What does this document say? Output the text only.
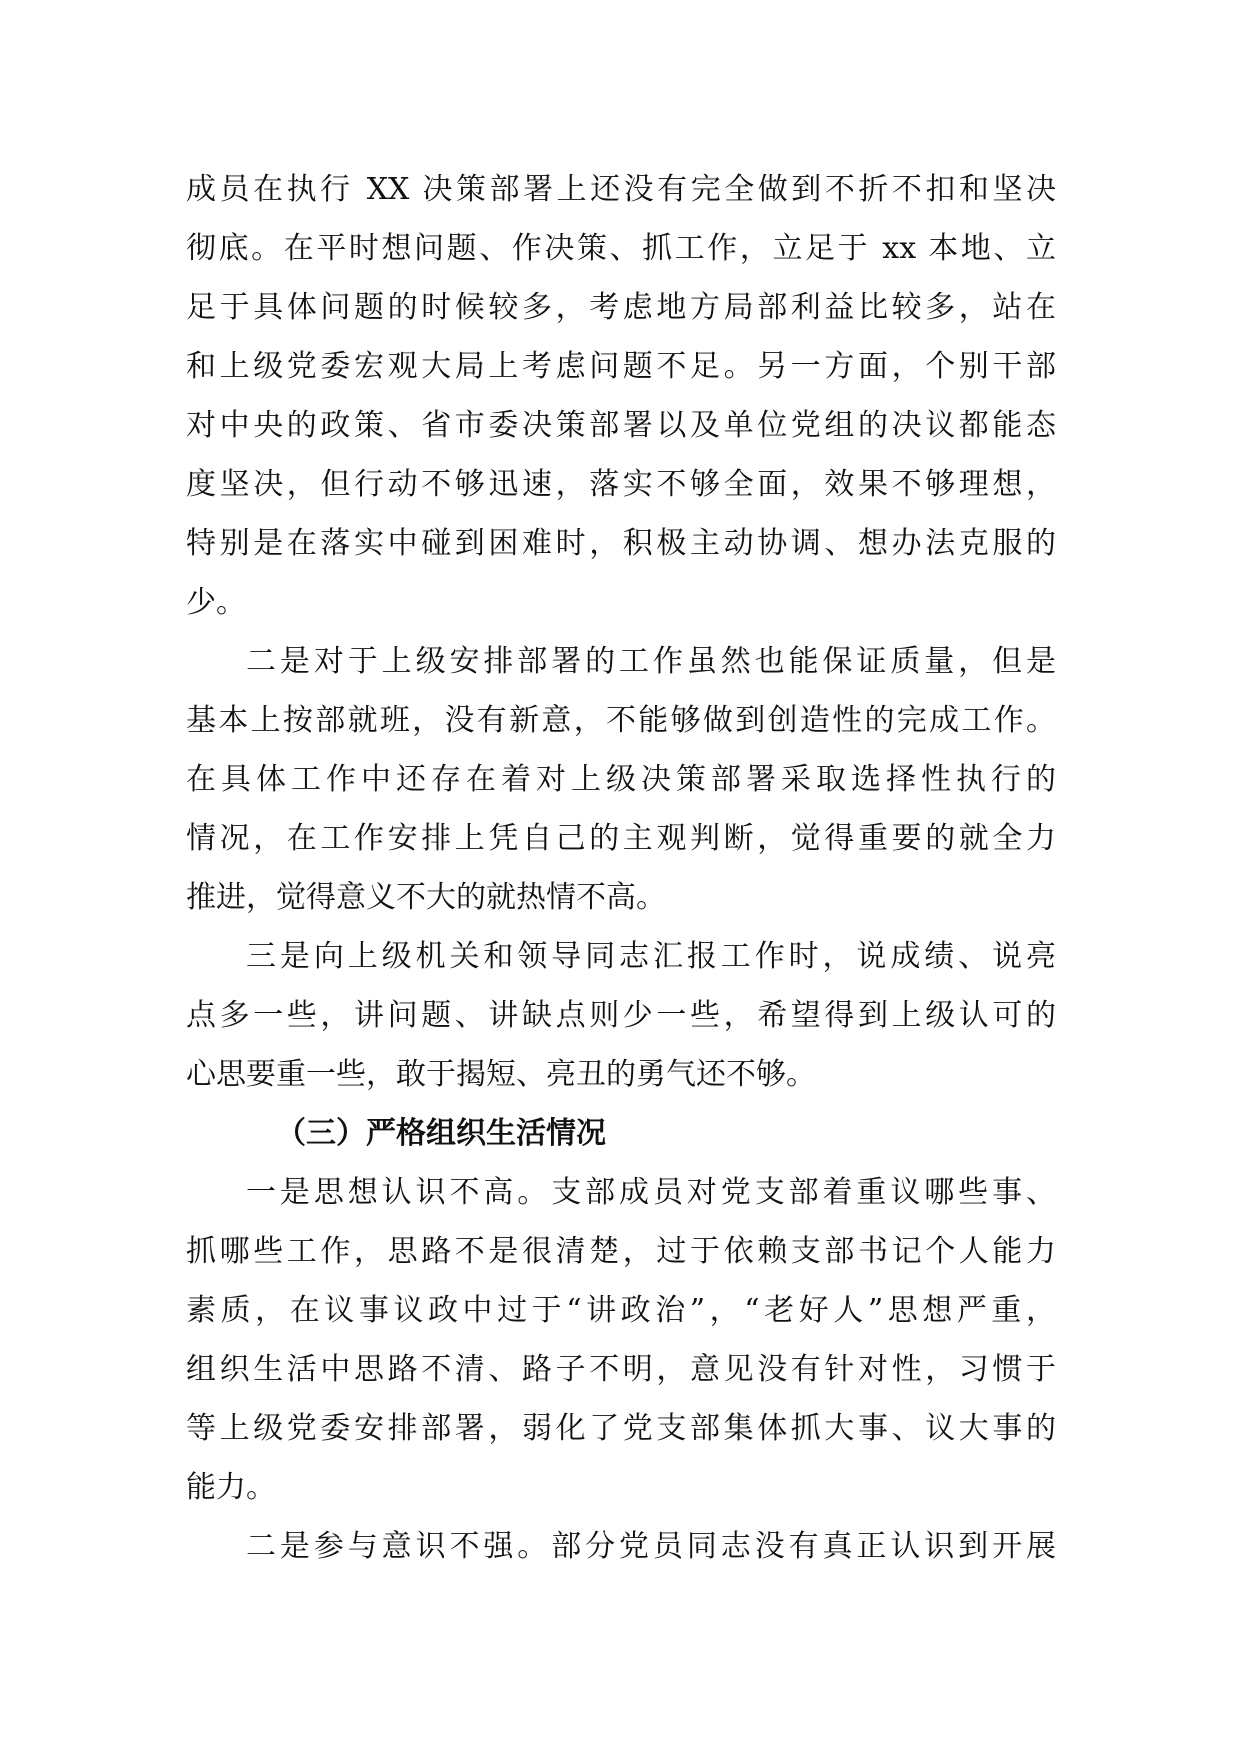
成员在执行 XX 决策部署上还没有完全做到不折不扣和坚决
彻底。在平时想问题、作决策、抓工作，立足于 xx 本地、立
足于具体问题的时候较多，考虑地方局部利益比较多，站在
和上级党委宏观大局上考虑问题不足。另一方面，个别干部
对中央的政策、省市委决策部署以及单位党组的决议都能态
度坚决，但行动不够迅速，落实不够全面，效果不够理想，
特别是在落实中碰到困难时，积极主动协调、想办法克服的
少。
二是对于上级安排部署的工作虽然也能保证质量，但是
基本上按部就班，没有新意，不能够做到创造性的完成工作。
在具体工作中还存在着对上级决策部署采取选择性执行的
情况，在工作安排上凭自己的主观判断，觉得重要的就全力
推进，觉得意义不大的就热情不高。
三是向上级机关和领导同志汇报工作时，说成绩、说亮
点多一些，讲问题、讲缺点则少一些，希望得到上级认可的
心思要重一些，敢于揭短、亮丑的勇气还不够。
（三）严格组织生活情况
一是思想认识不高。支部成员对党支部着重议哪些事、
抓哪些工作，思路不是很清楚，过于依赖支部书记个人能力
素质，在议事议政中过于“讲政治”，“老好人”思想严重，
组织生活中思路不清、路子不明，意见没有针对性，习惯于
等上级党委安排部署，弱化了党支部集体抓大事、议大事的
能力。
二是参与意识不强。部分党员同志没有真正认识到开展
